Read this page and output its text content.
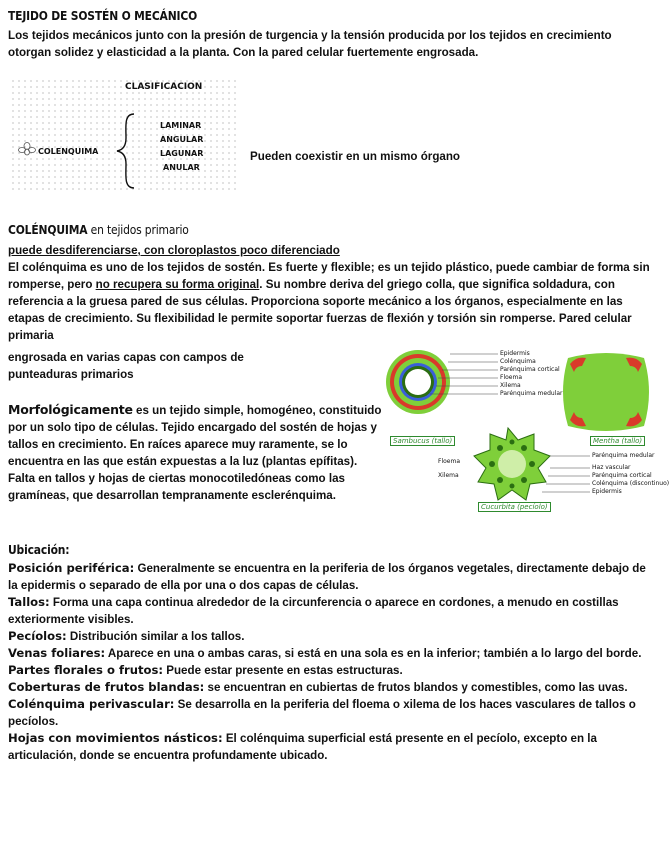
TEJIDO DE SOSTÉN O MECÁNICO
Los tejidos mecánicos junto con la presión de turgencia y la tensión producida por los tejidos en crecimiento otorgan solidez y elasticidad a la planta. Con la pared celular fuertemente engrosada.
CLASIFICACION
COLENQUIMA
LAMINAR
ANGULAR
LAGUNAR
ANULAR
Pueden coexistir en un mismo órgano
COLÉNQUIMA en tejidos primario
puede desdiferenciarse, con cloroplastos poco diferenciado
El colénquima es uno de los tejidos de sostén. Es fuerte y flexible; es un tejido plástico, puede cambiar de forma sin romperse, pero no recupera su forma original. Su nombre deriva del griego colla, que significa soldadura, con referencia a la gruesa pared de sus células. Proporciona soporte mecánico a los órganos, especialmente en las etapas de crecimiento. Su flexibilidad le permite soportar fuerzas de flexión y torsión sin romperse. Pared celular primaria
engrosada en varias capas con campos de punteaduras primarios
Morfológicamente es un tejido simple, homogéneo, constituido por un solo tipo de células. Tejido encargado del sostén de hojas y tallos en crecimiento. En raíces aparece muy raramente, se lo encuentra en las que están expuestas a la luz (plantas epífitas). Falta en tallos y hojas de ciertas monocotiledóneas como las gramíneas, que desarrollan tempranamente esclerénquima.
Epidermis
Colénquima
Parénquima cortical
Floema
Xilema
Parénquima medular
Sambucus (tallo)	Mentha (tallo)
Floema
Xilema
Parénquima medular
Haz vascular
Parénquima cortical
Colénquima (discontinuo)
Epidermis
Cucurbita (pecíolo)
Ubicación:

Posición periférica: Generalmente se encuentra en la periferia de los órganos vegetales, directamente debajo de la epidermis o separado de ella por una o dos capas de células.

Tallos: Forma una capa continua alrededor de la circunferencia o aparece en cordones, a menudo en costillas exteriormente visibles.

Pecíolos: Distribución similar a los tallos.

Venas foliares: Aparece en una o ambas caras, si está en una sola es en la inferior; también a lo largo del borde.

Partes florales o frutos: Puede estar presente en estas estructuras.

Coberturas de frutos blandas: se encuentran en cubiertas de frutos blandos y comestibles, como las uvas.

Colénquima perivascular: Se desarrolla en la periferia del floema o xilema de los haces vasculares de tallos o pecíolos.

Hojas con movimientos násticos: El colénquima superficial está presente en el pecíolo, excepto en la articulación, donde se encuentra profundamente ubicado.
